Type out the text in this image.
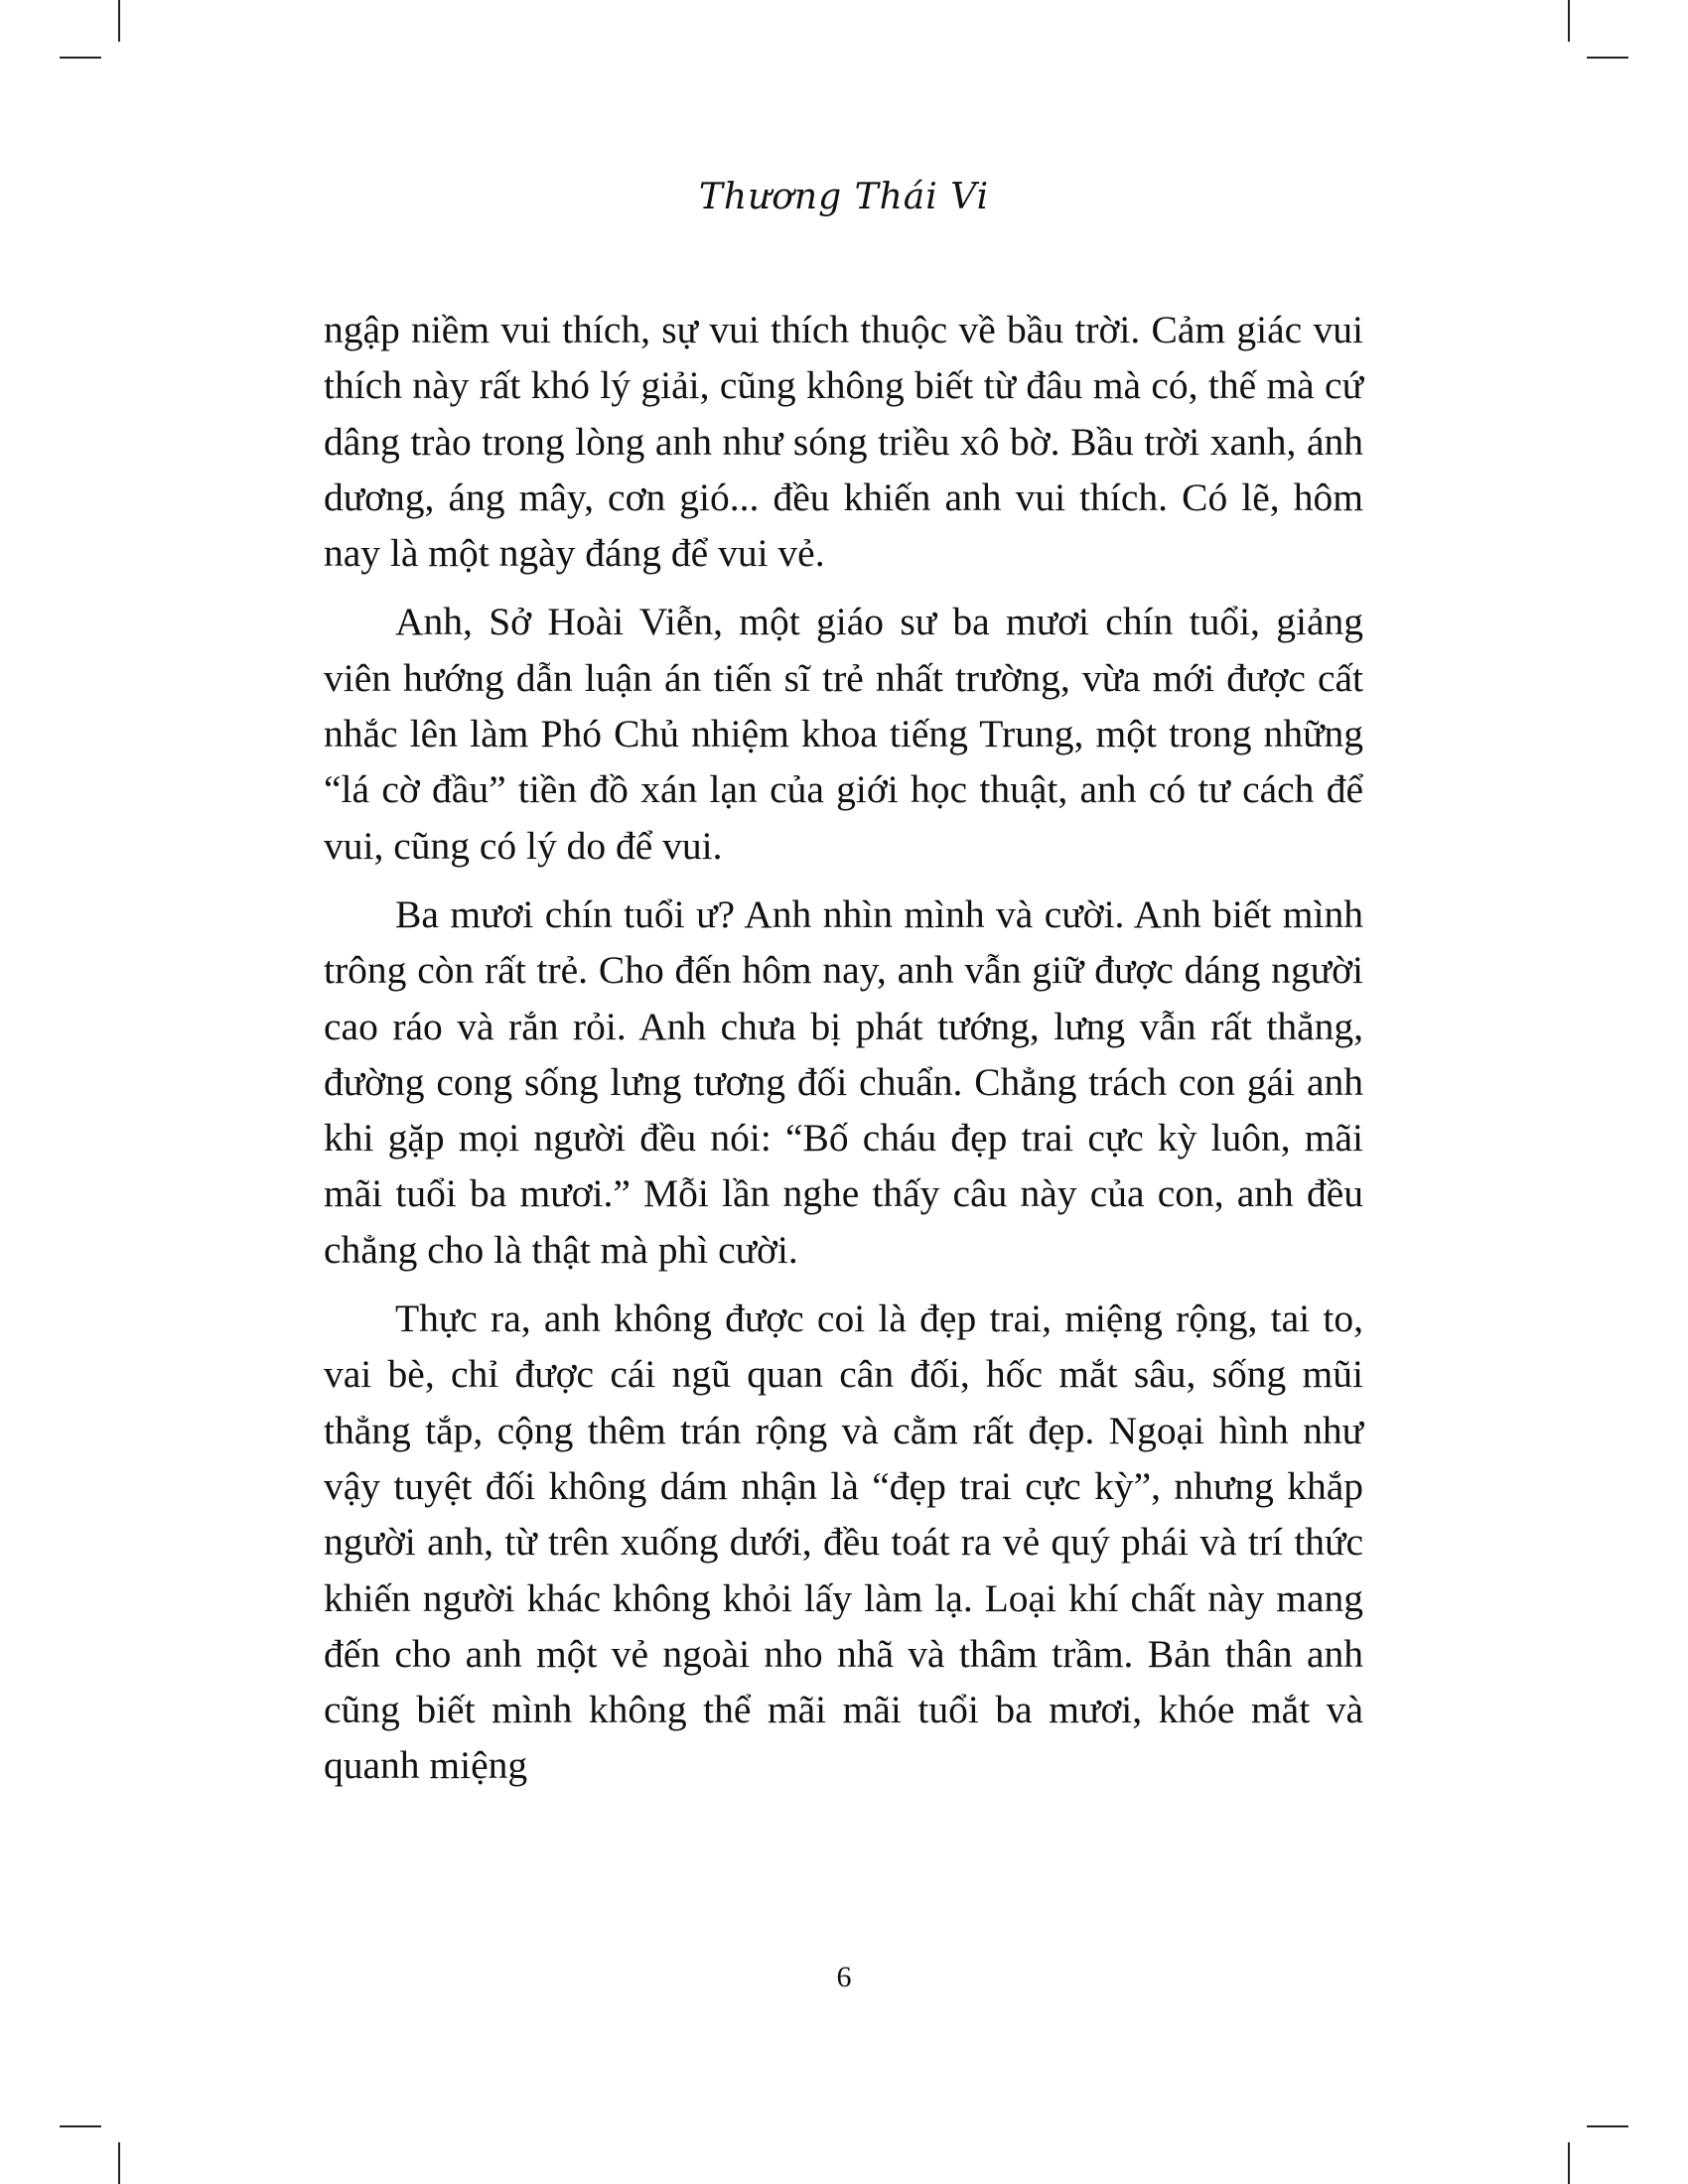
Thương Thái Vi

ngập niềm vui thích, sự vui thích thuộc về bầu trời. Cảm giác vui thích này rất khó lý giải, cũng không biết từ đâu mà có, thế mà cứ dâng trào trong lòng anh như sóng triều xô bờ. Bầu trời xanh, ánh dương, áng mây, cơn gió... đều khiến anh vui thích. Có lẽ, hôm nay là một ngày đáng để vui vẻ.

Anh, Sở Hoài Viễn, một giáo sư ba mươi chín tuổi, giảng viên hướng dẫn luận án tiến sĩ trẻ nhất trường, vừa mới được cất nhắc lên làm Phó Chủ nhiệm khoa tiếng Trung, một trong những “lá cờ đầu” tiền đồ xán lạn của giới học thuật, anh có tư cách để vui, cũng có lý do để vui.

Ba mươi chín tuổi ư? Anh nhìn mình và cười. Anh biết mình trông còn rất trẻ. Cho đến hôm nay, anh vẫn giữ được dáng người cao ráo và rắn rỏi. Anh chưa bị phát tướng, lưng vẫn rất thẳng, đường cong sống lưng tương đối chuẩn. Chẳng trách con gái anh khi gặp mọi người đều nói: “Bố cháu đẹp trai cực kỳ luôn, mãi mãi tuổi ba mươi.” Mỗi lần nghe thấy câu này của con, anh đều chẳng cho là thật mà phì cười.

Thực ra, anh không được coi là đẹp trai, miệng rộng, tai to, vai bè, chỉ được cái ngũ quan cân đối, hốc mắt sâu, sống mũi thẳng tắp, cộng thêm trán rộng và cằm rất đẹp. Ngoại hình như vậy tuyệt đối không dám nhận là “đẹp trai cực kỳ”, nhưng khắp người anh, từ trên xuống dưới, đều toát ra vẻ quý phái và trí thức khiến người khác không khỏi lấy làm lạ. Loại khí chất này mang đến cho anh một vẻ ngoài nho nhã và thâm trầm. Bản thân anh cũng biết mình không thể mãi mãi tuổi ba mươi, khóe mắt và quanh miệng

6
